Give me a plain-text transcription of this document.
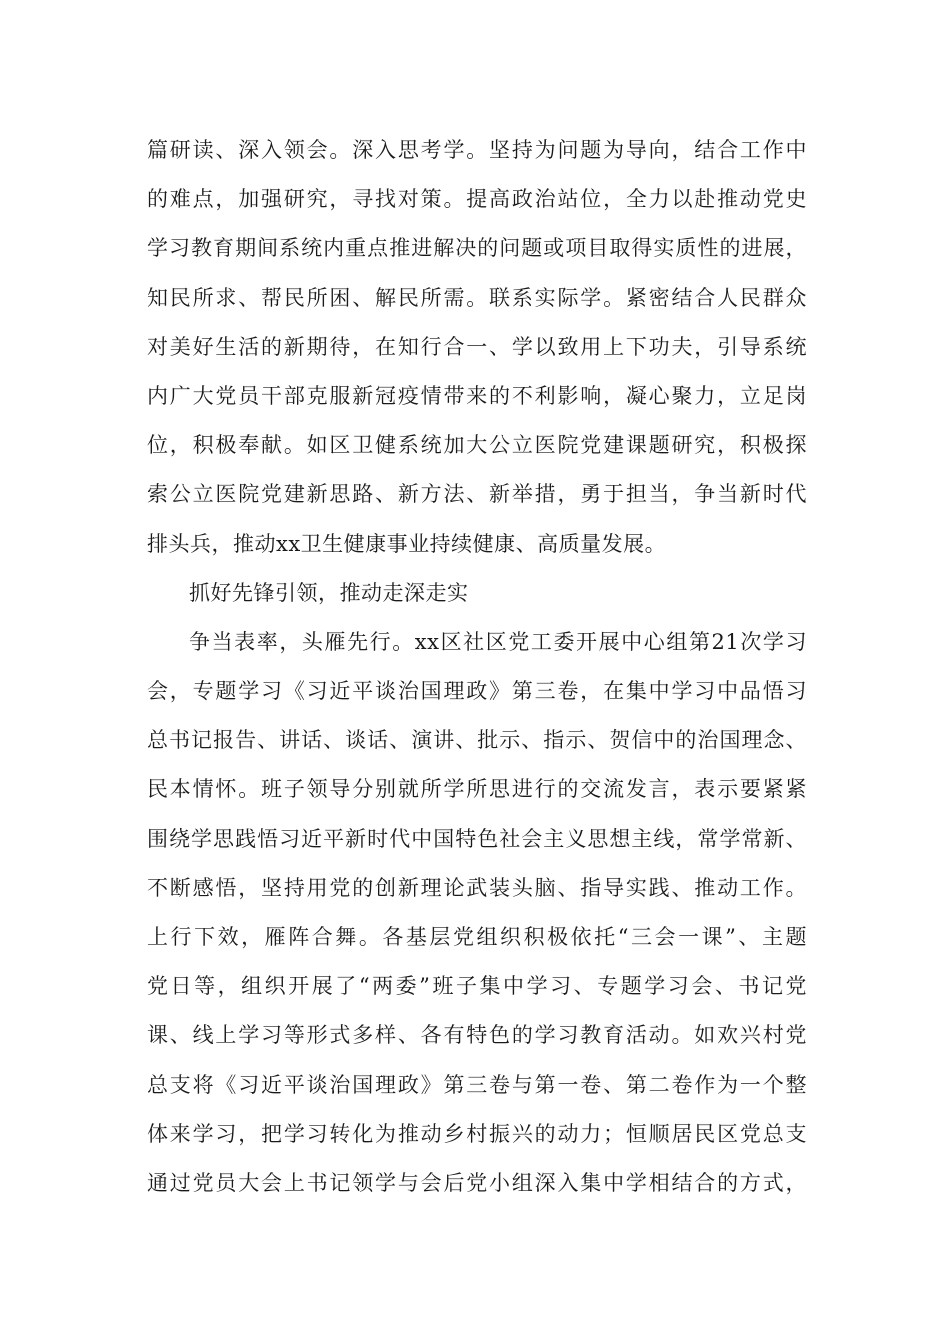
篇研读、深入领会。深入思考学。坚持为问题为导向，结合工作中
的难点，加强研究，寻找对策。提高政治站位，全力以赴推动党史
学习教育期间系统内重点推进解决的问题或项目取得实质性的进展，
知民所求、帮民所困、解民所需。联系实际学。紧密结合人民群众
对美好生活的新期待，在知行合一、学以致用上下功夫，引导系统
内广大党员干部克服新冠疫情带来的不利影响，凝心聚力，立足岗
位，积极奉献。如区卫健系统加大公立医院党建课题研究，积极探
索公立医院党建新思路、新方法、新举措，勇于担当，争当新时代
排头兵，推动xx卫生健康事业持续健康、高质量发展。
抓好先锋引领，推动走深走实
争当表率，头雁先行。xx区社区党工委开展中心组第21次学习
会，专题学习《习近平谈治国理政》第三卷，在集中学习中品悟习
总书记报告、讲话、谈话、演讲、批示、指示、贺信中的治国理念、
民本情怀。班子领导分别就所学所思进行的交流发言，表示要紧紧
围绕学思践悟习近平新时代中国特色社会主义思想主线，常学常新、
不断感悟，坚持用党的创新理论武装头脑、指导实践、推动工作。
上行下效，雁阵合舞。各基层党组织积极依托“三会一课”、主题
党日等，组织开展了“两委”班子集中学习、专题学习会、书记党
课、线上学习等形式多样、各有特色的学习教育活动。如欢兴村党
总支将《习近平谈治国理政》第三卷与第一卷、第二卷作为一个整
体来学习，把学习转化为推动乡村振兴的动力；恒顺居民区党总支
通过党员大会上书记领学与会后党小组深入集中学相结合的方式，
